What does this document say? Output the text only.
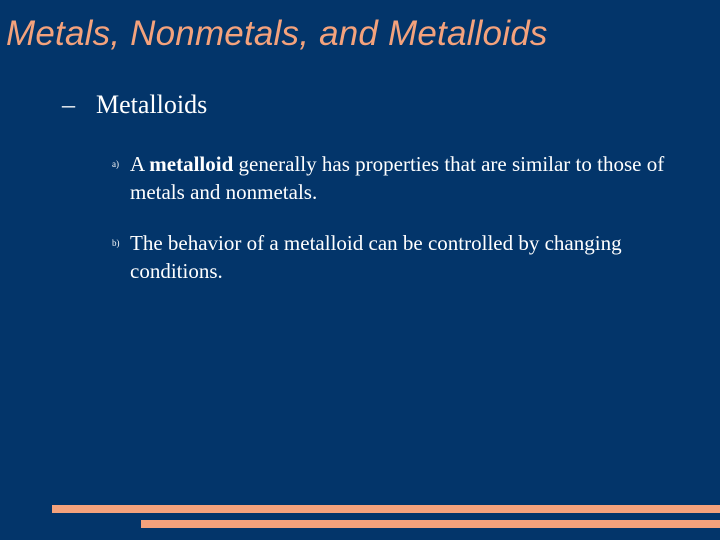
Metals, Nonmetals, and Metalloids
– Metalloids
a) A metalloid generally has properties that are similar to those of metals and nonmetals.
b) The behavior of a metalloid can be controlled by changing conditions.
